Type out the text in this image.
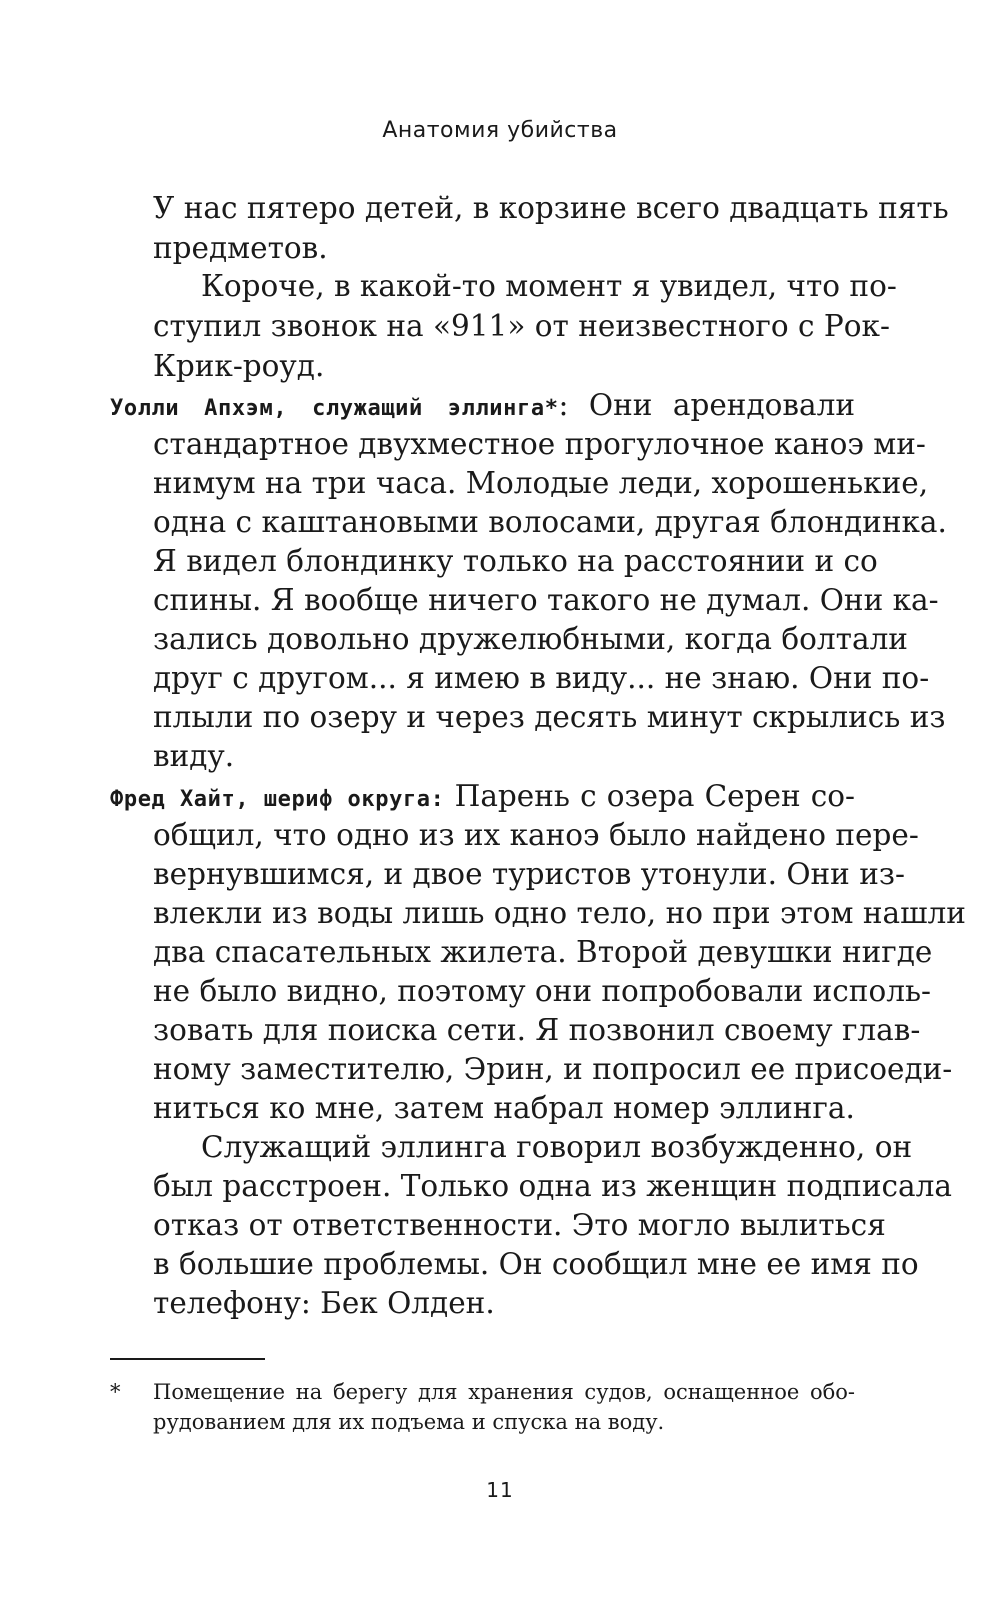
Анатомия убийства

У нас пятеро детей, в корзине всего двадцать пять

предметов.

Короче, в какой-то момент я увидел, что по-

ступил звонок на «911» от неизвестного с Рок-

Крик-роуд.

Уолли Апхэм, служащий эллинга*: Они арендовали

стандартное двухместное прогулочное каноэ ми-

нимум на три часа. Молодые леди, хорошенькие,

одна с каштановыми волосами, другая блондинка.

Я видел блондинку только на расстоянии и со

спины. Я вообще ничего такого не думал. Они ка-

зались довольно дружелюбными, когда болтали

друг с другом... я имею в виду... не знаю. Они по-

плыли по озеру и через десять минут скрылись из

виду.

Фред Хайт, шериф округа: Парень с озера Серен со-

общил, что одно из их каноэ было найдено пере-

вернувшимся, и двое туристов утонули. Они из-

влекли из воды лишь одно тело, но при этом нашли

два спасательных жилета. Второй девушки нигде

не было видно, поэтому они попробовали исполь-

зовать для поиска сети. Я позвонил своему глав-

ному заместителю, Эрин, и попросил ее присоеди-

ниться ко мне, затем набрал номер эллинга.

Служащий эллинга говорил возбужденно, он

был расстроен. Только одна из женщин подписала

отказ от ответственности. Это могло вылиться

в большие проблемы. Он сообщил мне ее имя по

телефону: Бек Олден.

* Помещение на берегу для хранения судов, оснащенное обо-
рудованием для их подъема и спуска на воду.
11
